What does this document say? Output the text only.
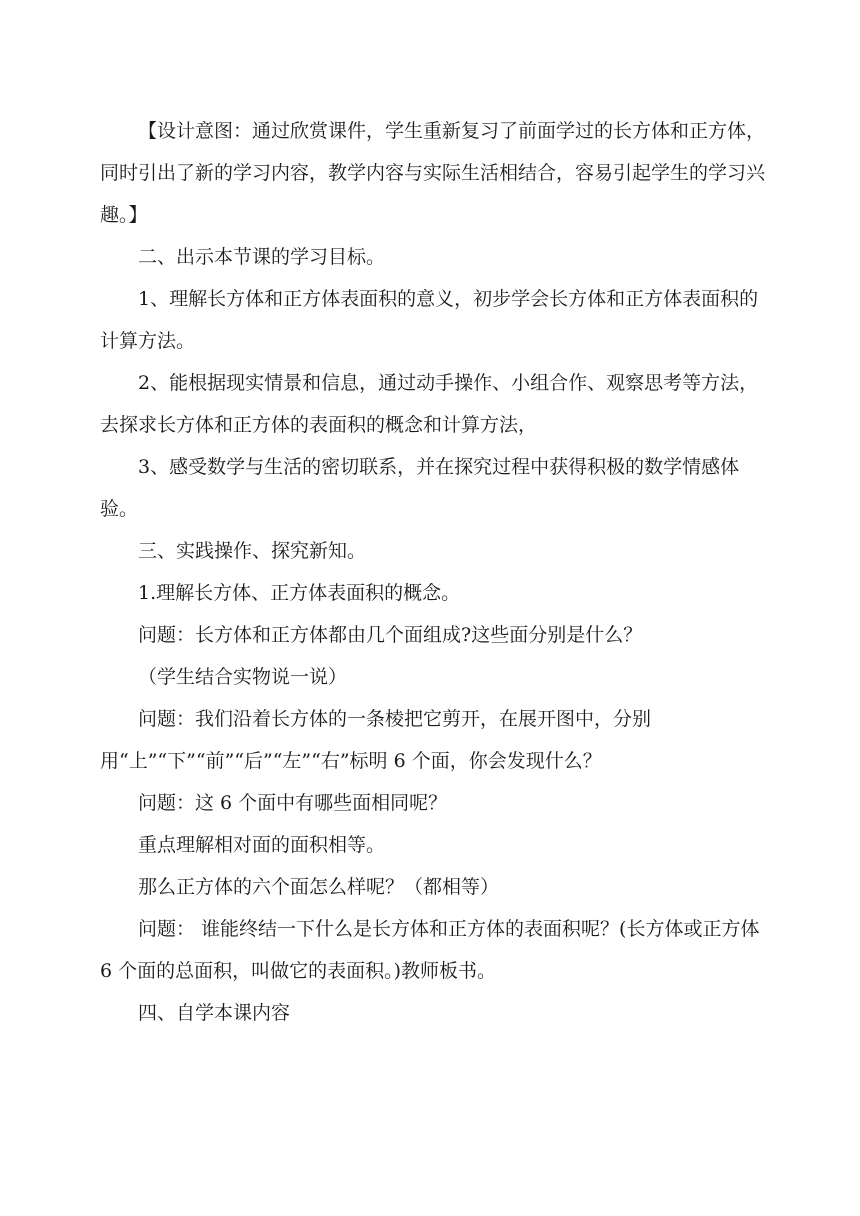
【设计意图：通过欣赏课件，学生重新复习了前面学过的长方体和正方体，同时引出了新的学习内容，教学内容与实际生活相结合，容易引起学生的学习兴趣。】

二、出示本节课的学习目标。

1、理解长方体和正方体表面积的意义，初步学会长方体和正方体表面积的计算方法。

2、能根据现实情景和信息，通过动手操作、小组合作、观察思考等方法，去探求长方体和正方体的表面积的概念和计算方法，

3、感受数学与生活的密切联系，并在探究过程中获得积极的数学情感体验。

三、实践操作、探究新知。

1.理解长方体、正方体表面积的概念。

问题：长方体和正方体都由几个面组成?这些面分别是什么？

（学生结合实物说一说）

问题：我们沿着长方体的一条棱把它剪开，在展开图中，分别用“上”“下”“前”“后”“左”“右”标明 6 个面，你会发现什么？

问题：这 6 个面中有哪些面相同呢？

重点理解相对面的面积相等。

那么正方体的六个面怎么样呢？（都相等）

问题： 谁能终结一下什么是长方体和正方体的表面积呢？(长方体或正方体 6 个面的总面积，叫做它的表面积。)教师板书。

四、自学本课内容
